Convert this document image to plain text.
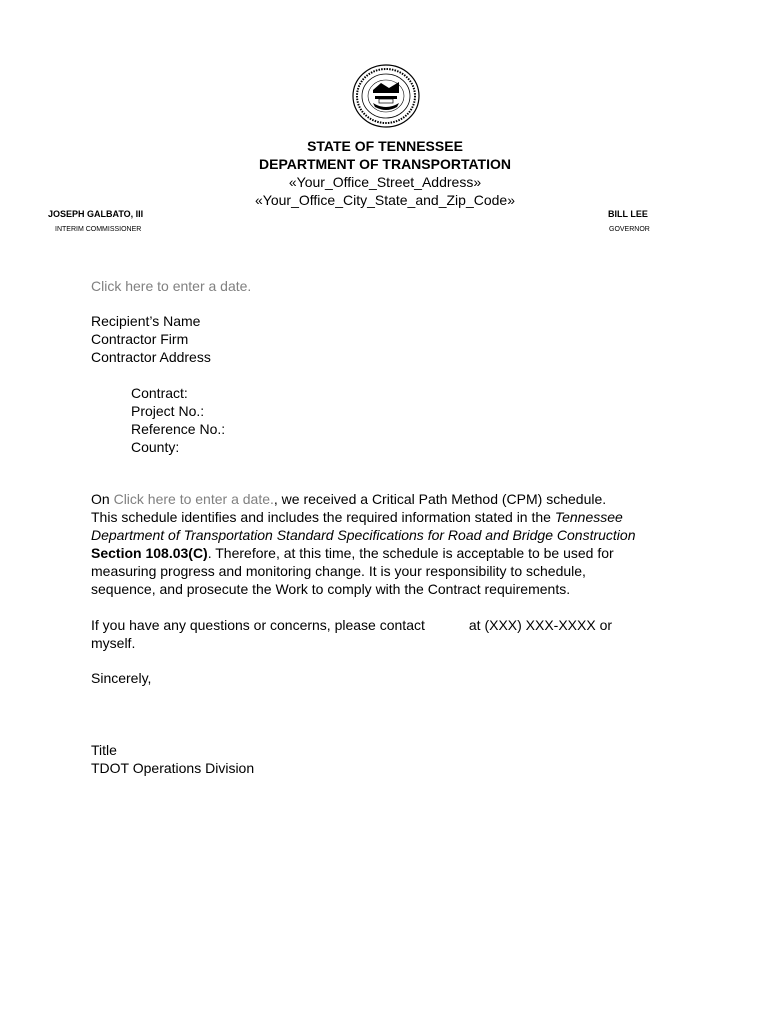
STATE OF TENNESSEE
DEPARTMENT OF TRANSPORTATION
«Your_Office_Street_Address»
«Your_Office_City_State_and_Zip_Code»
JOSEPH GALBATO, III
INTERIM COMMISSIONER
BILL LEE
GOVERNOR
Click here to enter a date.
Recipient’s Name
Contractor Firm
Contractor Address
Contract:
Project No.:
Reference No.:
County:
On Click here to enter a date., we received a Critical Path Method (CPM) schedule.
This schedule identifies and includes the required information stated in the Tennessee
Department of Transportation Standard Specifications for Road and Bridge Construction
Section 108.03(C). Therefore, at this time, the schedule is acceptable to be used for
measuring progress and monitoring change. It is your responsibility to schedule,
sequence, and prosecute the Work to comply with the Contract requirements.
If you have any questions or concerns, please contact	at (XXX) XXX-XXXX or
myself.
Sincerely,
Title
TDOT Operations Division
